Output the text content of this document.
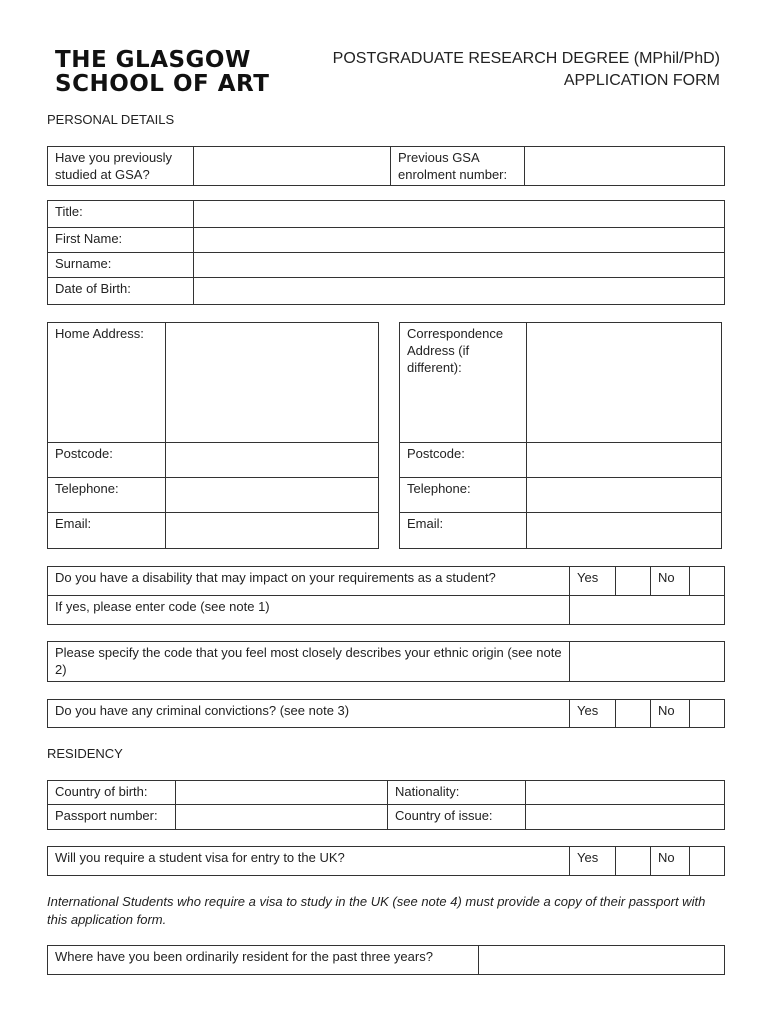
THE GLASGOW
SCHOOL OF ART
POSTGRADUATE RESEARCH DEGREE (MPhil/PhD)
APPLICATION FORM
PERSONAL DETAILS
Have you previously studied at GSA?		Previous GSA enrolment number:	
Title:	
First Name:	
Surname:	
Date of Birth:	
Home Address:	
Postcode:	
Telephone:	
Email:	
Correspondence Address (if different):	
Postcode:	
Telephone:	
Email:	
Do you have a disability that may impact on your requirements as a student?	Yes		No	
If yes, please enter code (see note 1)				
Please specify the code that you feel most closely describes your ethnic origin (see note 2)	
Do you have any criminal convictions? (see note 3)	Yes		No	
RESIDENCY
Country of birth:		Nationality:	
Passport number:		Country of issue:	
Will you require a student visa for entry to the UK?	Yes		No	
International Students who require a visa to study in the UK (see note 4) must provide a copy of their passport with this application form.
Where have you been ordinarily resident for the past three years?	
